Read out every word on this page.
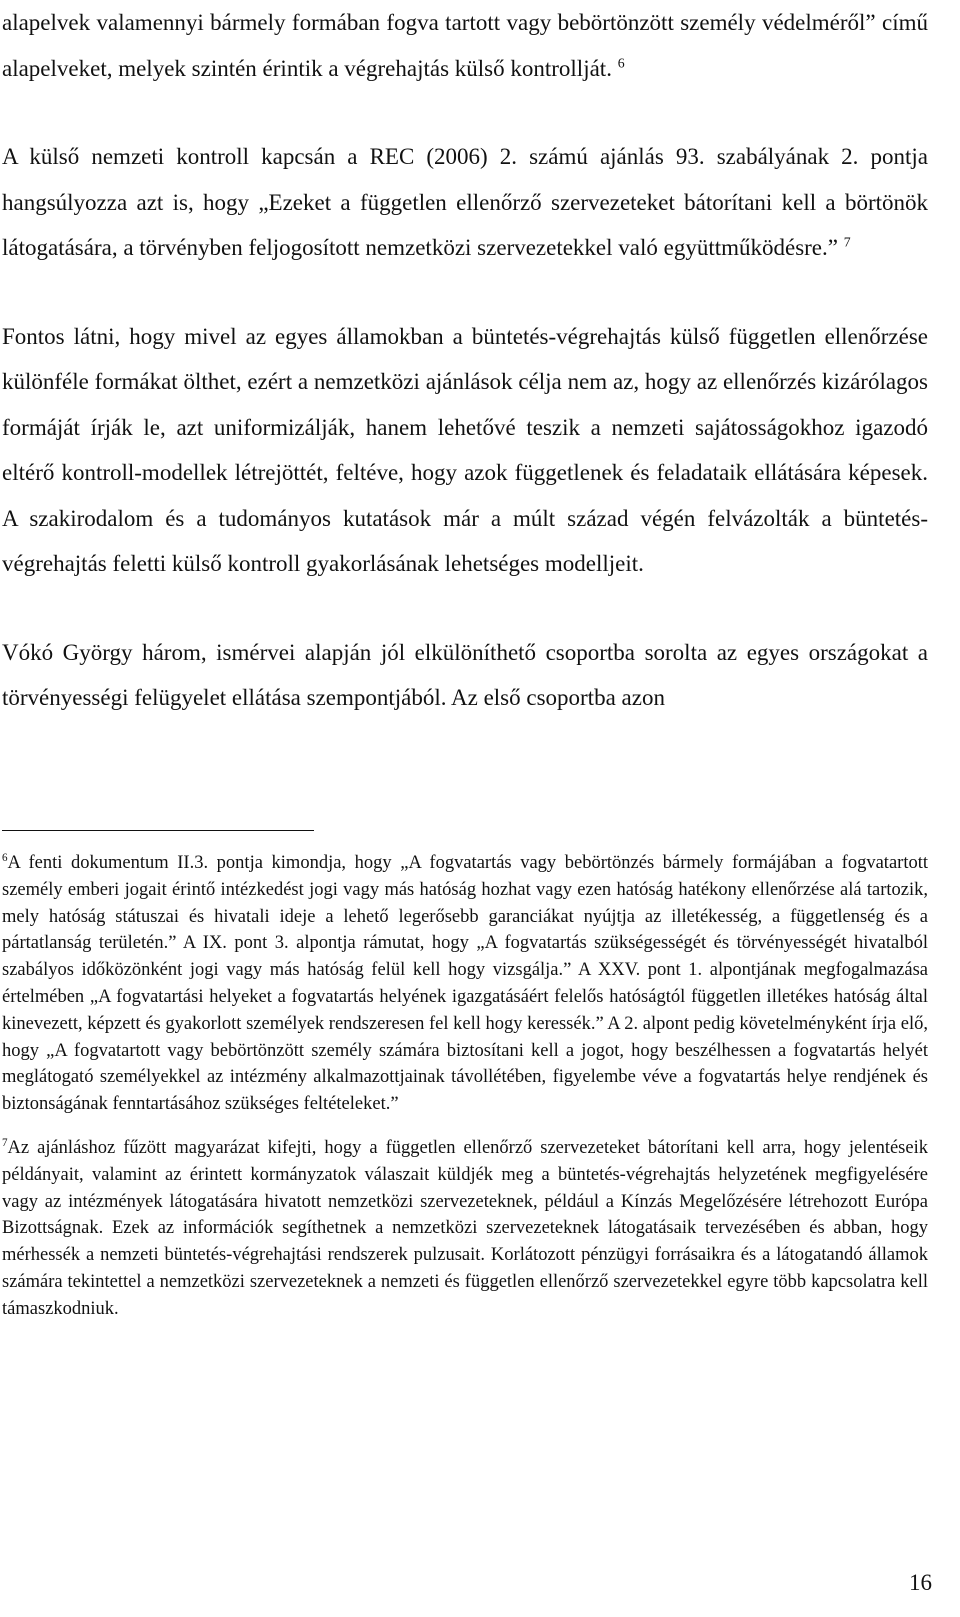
alapelvek valamennyi bármely formában fogva tartott vagy bebörtönzött személy védelméről” című alapelveket, melyek szintén érintik a végrehajtás külső kontrollját. $^6$

A külső nemzeti kontroll kapcsán a REC (2006) 2. számú ajánlás 93. szabályának 2. pontja hangsúlyozza azt is, hogy „Ezeket a független ellenőrző szervezeteket bátorítani kell a börtönök látogatására, a törvényben feljogosított nemzetközi szervezetekkel való együttműködésre.” $^7$

Fontos látni, hogy mivel az egyes államokban a büntetés-végrehajtás külső független ellenőrzése különféle formákat ölthet, ezért a nemzetközi ajánlások célja nem az, hogy az ellenőrzés kizárólagos formáját írják le, azt uniformizálják, hanem lehetővé teszik a nemzeti sajátosságokhoz igazodó eltérő kontroll-modellek létrejöttét, feltéve, hogy azok függetlenek és feladataik ellátására képesek. A szakirodalom és a tudományos kutatások már a múlt század végén felvázolták a büntetés-végrehajtás feletti külső kontroll gyakorlásának lehetséges modelljeit.

Vókó György három, ismérvei alapján jól elkülöníthető csoportba sorolta az egyes országokat a törvényességi felügyelet ellátása szempontjából. Az első csoportba azon

$^6$A fenti dokumentum II.3. pontja kimondja, hogy „A fogvatartás vagy bebörtönzés bármely formájában a fogvatartott személy emberi jogait érintő intézkedést jogi vagy más hatóság hozhat vagy ezen hatóság hatékony ellenőrzése alá tartozik, mely hatóság státuszai és hivatali ideje a lehető legerősebb garanciákat nyújtja az illetékesség, a függetlenség és a pártatlanság területén.” A IX. pont 3. alpontja rámutat, hogy „A fogvatartás szükségességét és törvényességét hivatalból szabályos időközönként jogi vagy más hatóság felül kell hogy vizsgálja.” A XXV. pont 1. alpontjának megfogalmazása értelmében „A fogvatartási helyeket a fogvatartás helyének igazgatásáért felelős hatóságtól független illetékes hatóság által kinevezett, képzett és gyakorlott személyek rendszeresen fel kell hogy keressék.” A 2. alpont pedig követelményként írja elő, hogy „A fogvatartott vagy bebörtönzött személy számára biztosítani kell a jogot, hogy beszélhessen a fogvatartás helyét meglátogató személyekkel az intézmény alkalmazottjainak távollétében, figyelembe véve a fogvatartás helye rendjének és biztonságának fenntartásához szükséges feltételeket.”

$^7$Az ajánláshoz fűzött magyarázat kifejti, hogy a független ellenőrző szervezeteket bátorítani kell arra, hogy jelentéseik példányait, valamint az érintett kormányzatok válaszait küldjék meg a büntetés-végrehajtás helyzetének megfigyelésére vagy az intézmények látogatására hivatott nemzetközi szervezeteknek, például a Kínzás Megelőzésére létrehozott Európa Bizottságnak. Ezek az információk segíthetnek a nemzetközi szervezeteknek látogatásaik tervezésében és abban, hogy mérhessék a nemzeti büntetés-végrehajtási rendszerek pulzusait. Korlátozott pénzügyi forrásaikra és a látogatandó államok számára tekintettel a nemzetközi szervezeteknek a nemzeti és független ellenőrző szervezetekkel egyre több kapcsolatra kell támaszkodniuk.

16
